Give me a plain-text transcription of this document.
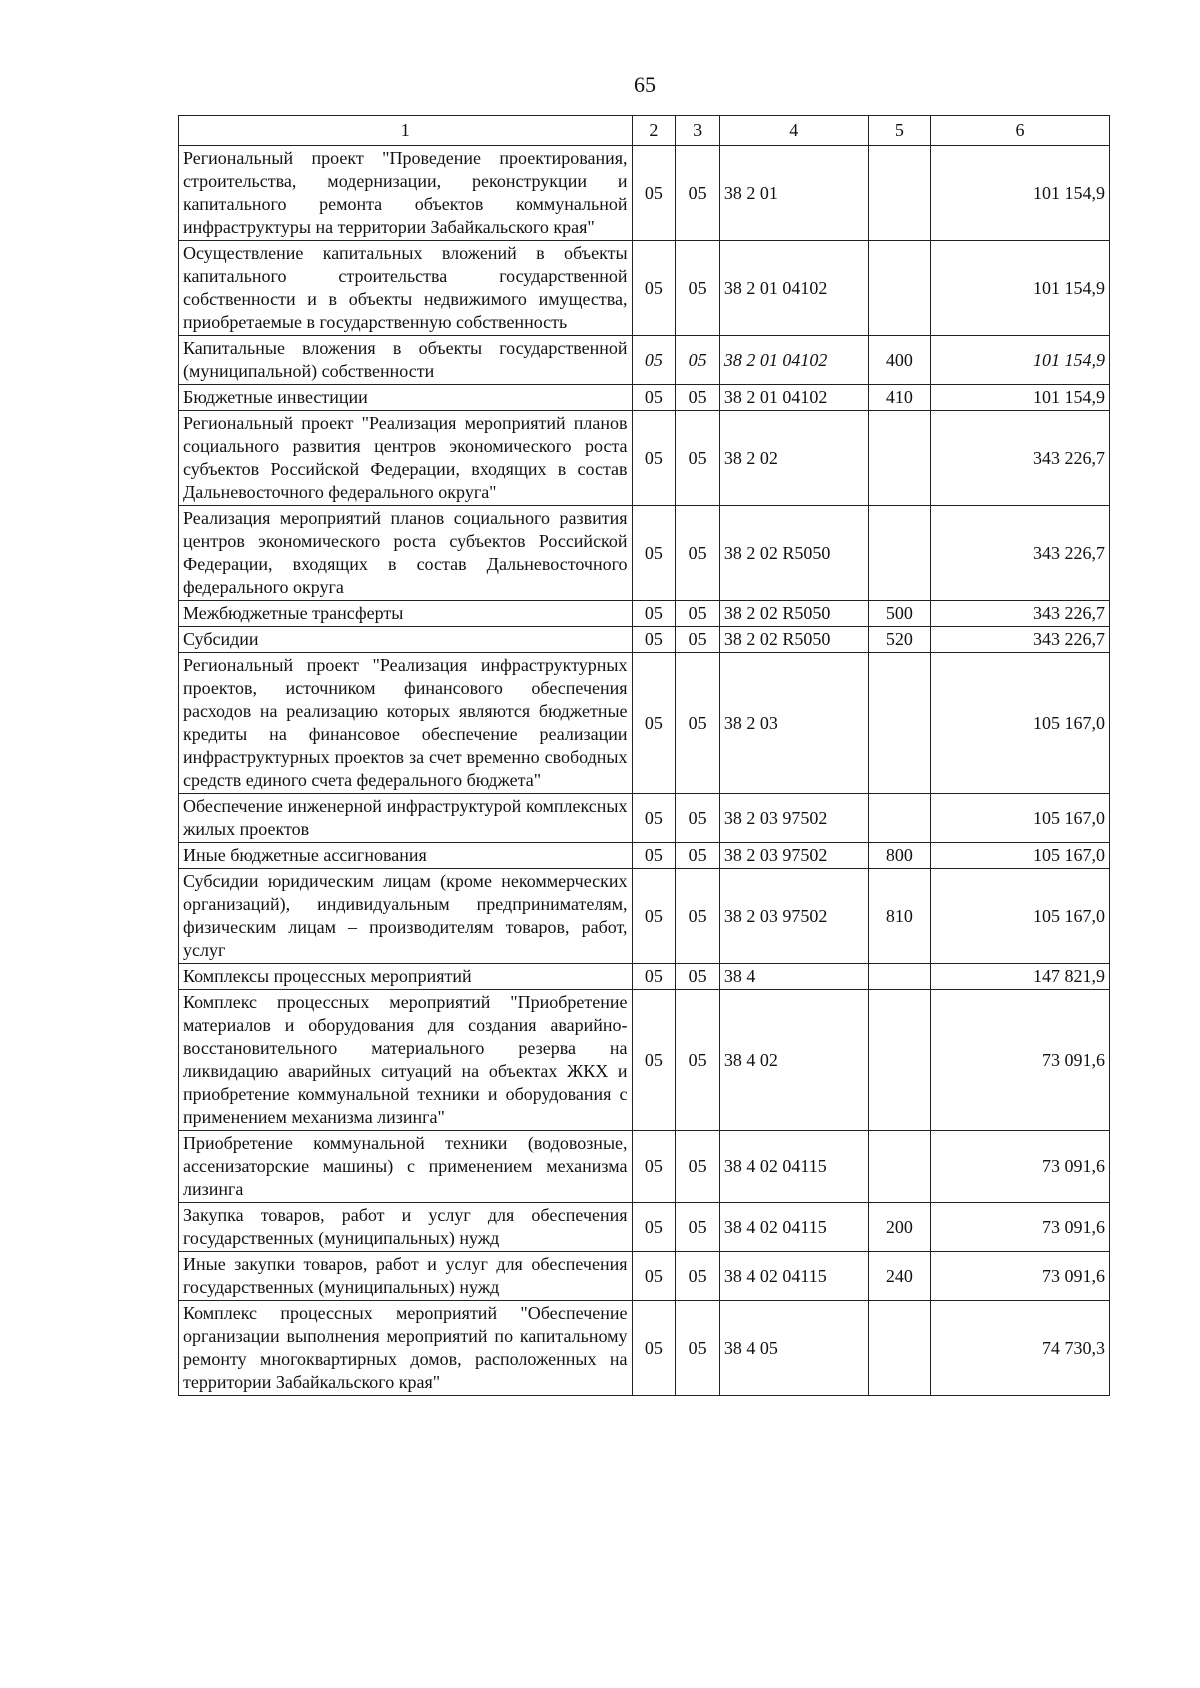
65
1	2	3	4	5	6
Региональный проект "Проведение проектирования, строительства, модернизации, реконструкции и капитального ремонта объектов коммунальной инфраструктуры на территории Забайкальского края"	05	05	38 2 01		101 154,9
Осуществление капитальных вложений в объекты капитального строительства государственной собственности и в объекты недвижимого имущества, приобретаемые в государственную собственность	05	05	38 2 01 04102		101 154,9
Капитальные вложения в объекты государственной (муниципальной) собственности	05	05	38 2 01 04102	400	101 154,9
Бюджетные инвестиции	05	05	38 2 01 04102	410	101 154,9
Региональный проект "Реализация мероприятий планов социального развития центров экономического роста субъектов Российской Федерации, входящих в состав Дальневосточного федерального округа"	05	05	38 2 02		343 226,7
Реализация мероприятий планов социального развития центров экономического роста субъектов Российской Федерации, входящих в состав Дальневосточного федерального округа	05	05	38 2 02 R5050		343 226,7
Межбюджетные трансферты	05	05	38 2 02 R5050	500	343 226,7
Субсидии	05	05	38 2 02 R5050	520	343 226,7
Региональный проект "Реализация инфраструктурных проектов, источником финансового обеспечения расходов на реализацию которых являются бюджетные кредиты на финансовое обеспечение реализации инфраструктурных проектов за счет временно свободных средств единого счета федерального бюджета"	05	05	38 2 03		105 167,0
Обеспечение инженерной инфраструктурой комплексных жилых проектов	05	05	38 2 03 97502		105 167,0
Иные бюджетные ассигнования	05	05	38 2 03 97502	800	105 167,0
Субсидии юридическим лицам (кроме некоммерческих организаций), индивидуальным предпринимателям, физическим лицам – производителям товаров, работ, услуг	05	05	38 2 03 97502	810	105 167,0
Комплексы процессных мероприятий	05	05	38 4		147 821,9
Комплекс процессных мероприятий "Приобретение материалов и оборудования для создания аварийно-восстановительного материального резерва на ликвидацию аварийных ситуаций на объектах ЖКХ и приобретение коммунальной техники и оборудования с применением механизма лизинга"	05	05	38 4 02		73 091,6
Приобретение коммунальной техники (водовозные, ассенизаторские машины) с применением механизма лизинга	05	05	38 4 02 04115		73 091,6
Закупка товаров, работ и услуг для обеспечения государственных (муниципальных) нужд	05	05	38 4 02 04115	200	73 091,6
Иные закупки товаров, работ и услуг для обеспечения государственных (муниципальных) нужд	05	05	38 4 02 04115	240	73 091,6
Комплекс процессных мероприятий "Обеспечение организации выполнения мероприятий по капитальному ремонту многоквартирных домов, расположенных на территории Забайкальского края"	05	05	38 4 05		74 730,3
